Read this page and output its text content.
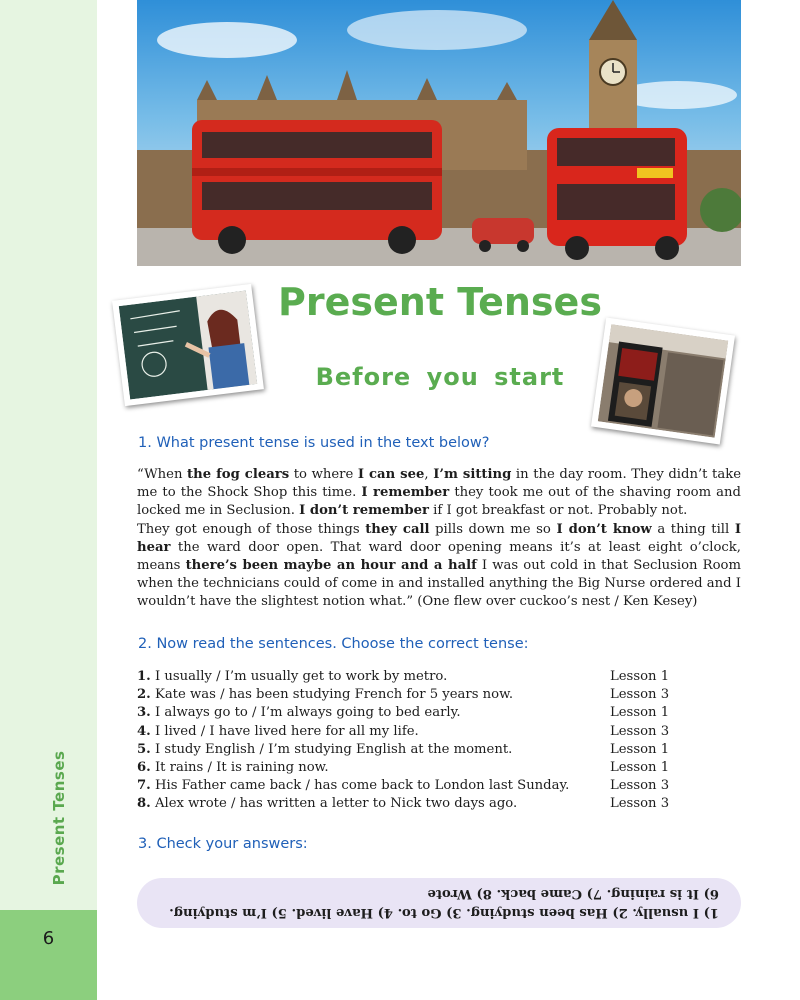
Present Tenses
6
Present Tenses
Before you start
1. What present tense is used in the text below?

“When the fog clears to where I can see, I’m sitting in the day room. They didn’t take me to the Shock Shop this time. I remember they took me out of the shaving room and locked me in Seclusion. I don’t remember if I got breakfast or not. Probably not.

They got enough of those things they call pills down me so I don’t know a thing till I hear the ward door open. That ward door opening means it’s at least eight o’clock, means there’s been maybe an hour and a half I was out cold in that Seclusion Room when the technicians could of come in and installed anything the Big Nurse ordered and I wouldn’t have the slightest notion what.” (One flew over cuckoo’s nest / Ken Kesey)

2. Now read the sentences. Choose the correct tense:
1. I usually / I’m usually get to work by metro.	Lesson 1
2. Kate was / has been studying French for 5 years now.	Lesson 3
3. I always go to / I’m always going to bed early.	Lesson 1
4. I lived / I have lived here for all my life.	Lesson 3
5. I study English / I’m studying English at the moment.	Lesson 1
6. It rains / It is raining now.	Lesson 1
7. His Father came back / has come back to London last Sunday.	Lesson 3
8. Alex wrote / has written a letter to Nick two days ago.	Lesson 3
3. Check your answers:
1) I usually. 2) Has been studying. 3) Go to. 4) Have lived. 5) I’m studying.
6) It is raining. 7) Came back. 8) Wrote
